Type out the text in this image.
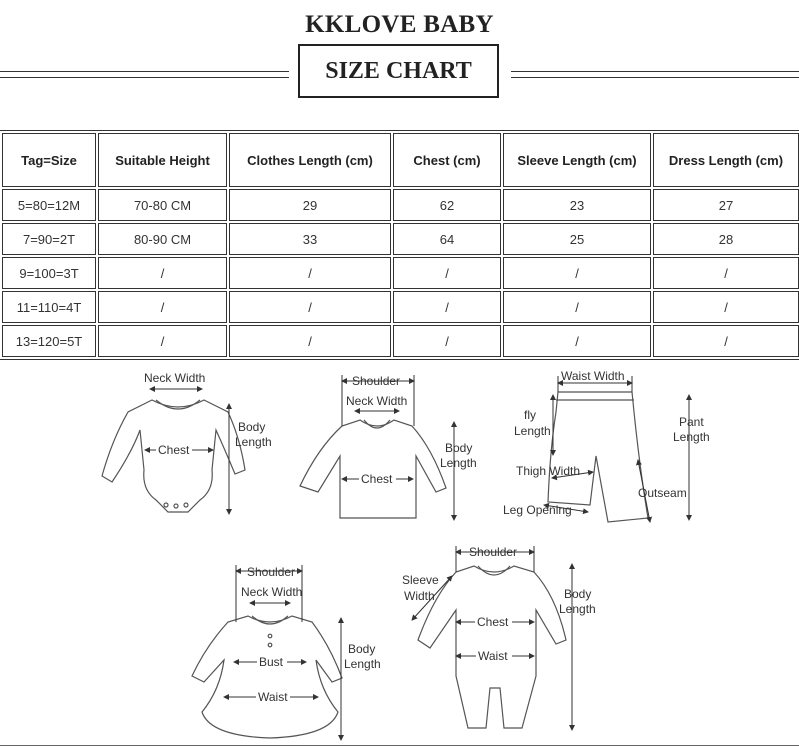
KKLOVE BABY
SIZE CHART
Tag=Size	Suitable Height	Clothes Length (cm)	Chest (cm)	Sleeve Length (cm)	Dress Length (cm)
5=80=12M	70-80 CM	29	62	23	27
7=90=2T	80-90 CM	33	64	25	28
9=100=3T	/	/	/	/	/
11=110=4T	/	/	/	/	/
13=120=5T	/	/	/	/	/
Neck Width
Chest
Body
Length
Shoulder
Neck Width
Chest
Body
Length
Waist Width
fly
Length
Pant
Length
Thigh Width
Outseam
Leg Opening
Shoulder
Neck Width
Bust
Waist
Body
Length
Shoulder
Sleeve
Width
Chest
Waist
Body
Length
